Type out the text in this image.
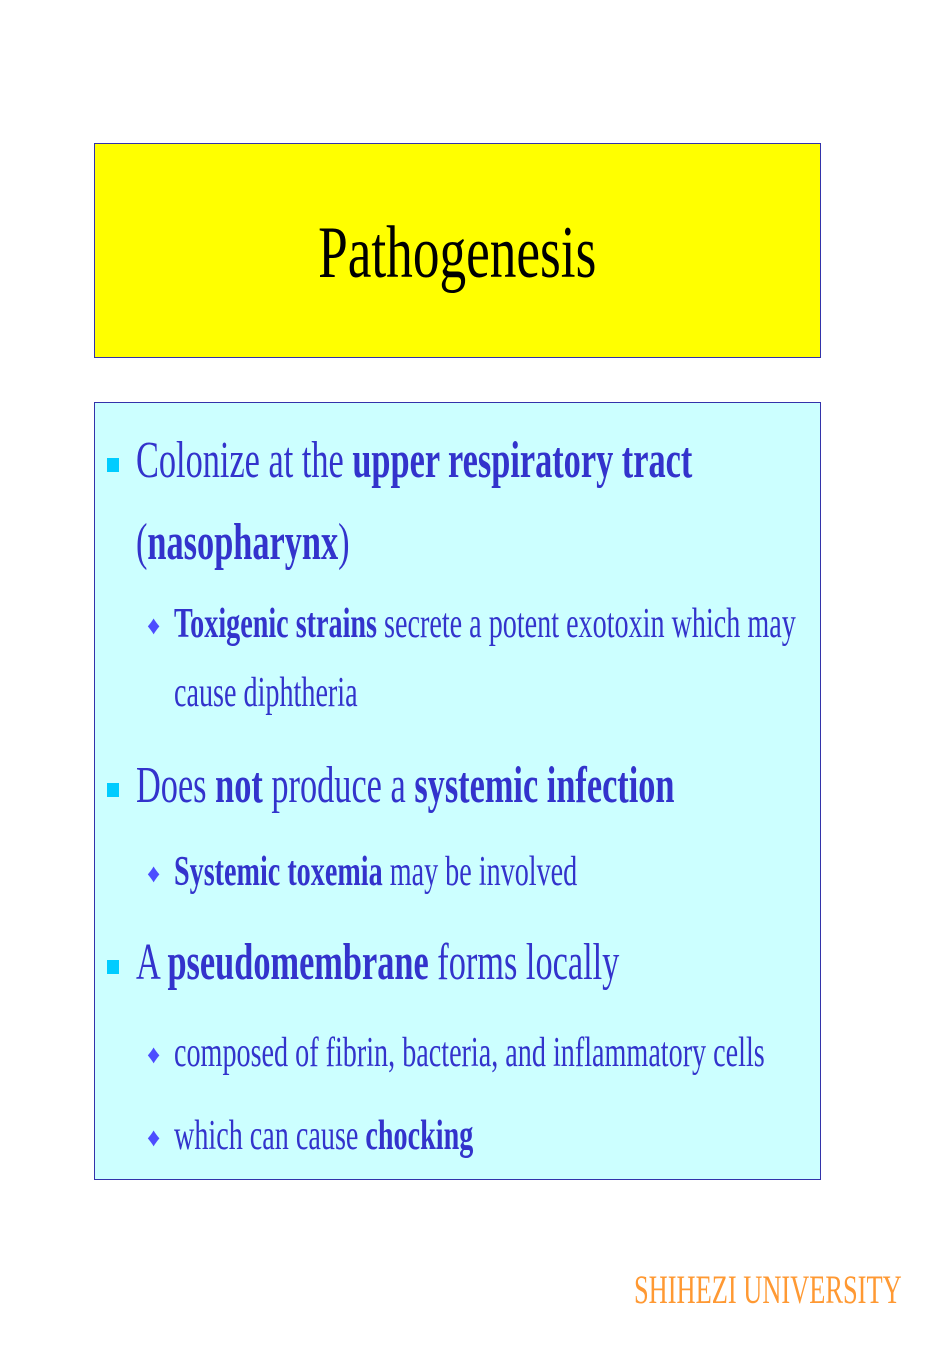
Pathogenesis
Colonize at the upper respiratory tract
(nasopharynx)
♦ Toxigenic strains secrete a potent exotoxin which may
cause diphtheria
Does not produce a systemic infection
♦ Systemic toxemia may be involved
A pseudomembrane forms locally
♦ composed of fibrin, bacteria, and inflammatory cells
♦ which can cause chocking
SHIHEZI UNIVERSITY
